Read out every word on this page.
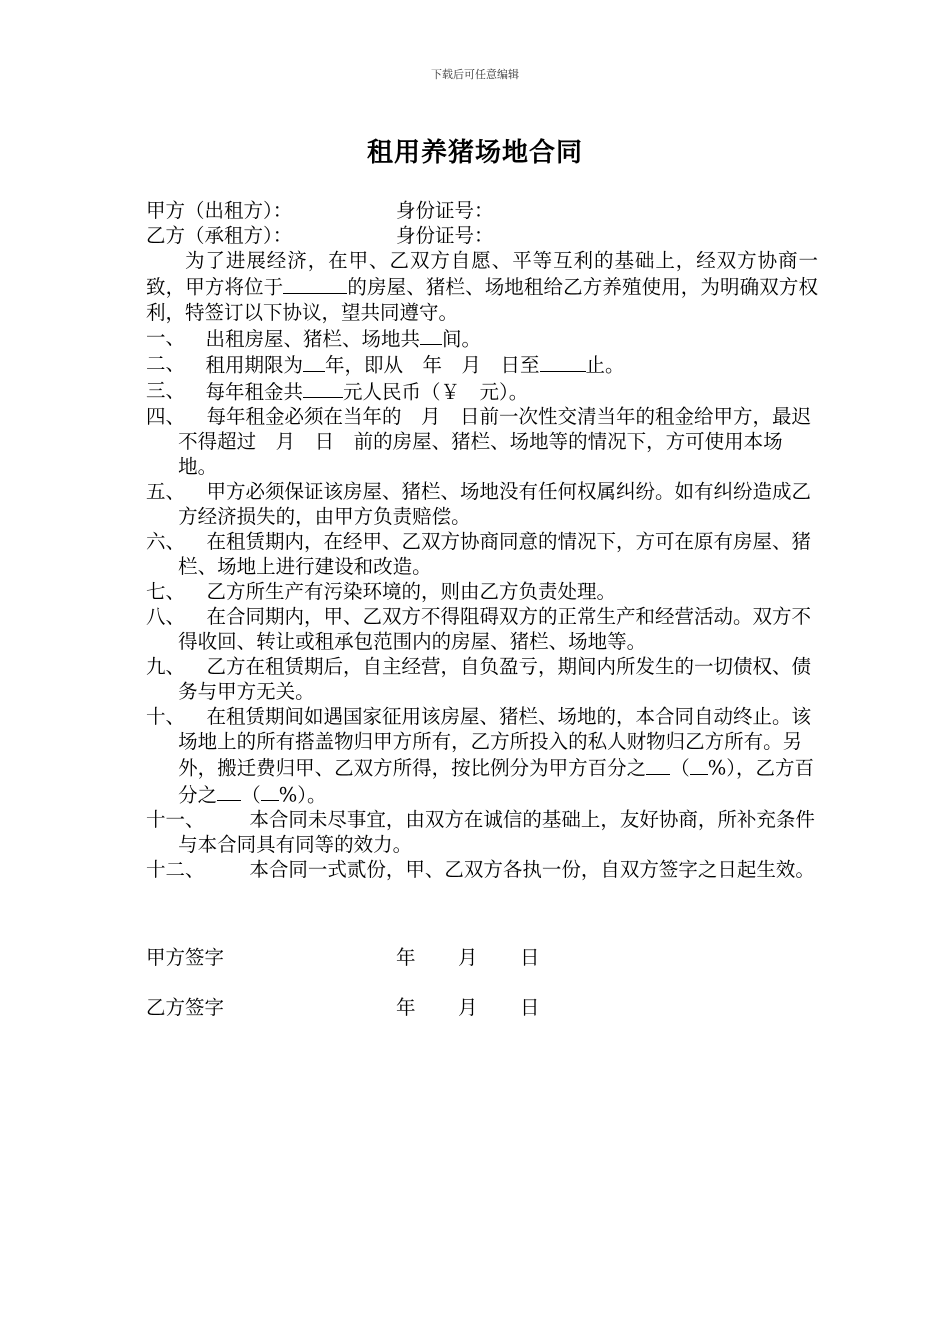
下载后可任意编辑
租用养猪场地合同
甲方（出租方）：	身份证号：
乙方（承租方）：	身份证号：
为了进展经济，在甲、乙双方自愿、平等互利的基础上，经双方协商一致，甲方将位于	的房屋、猪栏、场地租给乙方养殖使用，为明确双方权利，特签订以下协议，望共同遵守。
一、	出租房屋、猪栏、场地共 间。
二、	租用期限为 年，即从　年　月　日至 止。
三、	每年租金共 元人民币（￥　元）。
四、 每年租金必须在当年的　月　日前一次性交清当年的租金给甲方，最迟不得超过　月　日　前的房屋、猪栏、场地等的情况下，方可使用本场地。
五、 甲方必须保证该房屋、猪栏、场地没有任何权属纠纷。如有纠纷造成乙方经济损失的，由甲方负责赔偿。
六、 在租赁期内，在经甲、乙双方协商同意的情况下，方可在原有房屋、猪栏、场地上进行建设和改造。
七、 乙方所生产有污染环境的，则由乙方负责处理。
八、 在合同期内，甲、乙双方不得阻碍双方的正常生产和经营活动。双方不得收回、转让或租承包范围内的房屋、猪栏、场地等。
九、 乙方在租赁期后，自主经营，自负盈亏，期间内所发生的一切债权、债务与甲方无关。
十、 在租赁期间如遇国家征用该房屋、猪栏、场地的，本合同自动终止。该场地上的所有搭盖物归甲方所有，乙方所投入的私人财物归乙方所有。另外，搬迁费归甲、乙双方所得，按比例分为甲方百分之 （ %），乙方百分之 （ %）。
十一、 本合同未尽事宜，由双方在诚信的基础上，友好协商，所补充条件与本合同具有同等的效力。
十二、 本合同一式贰份，甲、乙双方各执一份，自双方签字之日起生效。
甲方签字	年 月 日
乙方签字	年 月 日
